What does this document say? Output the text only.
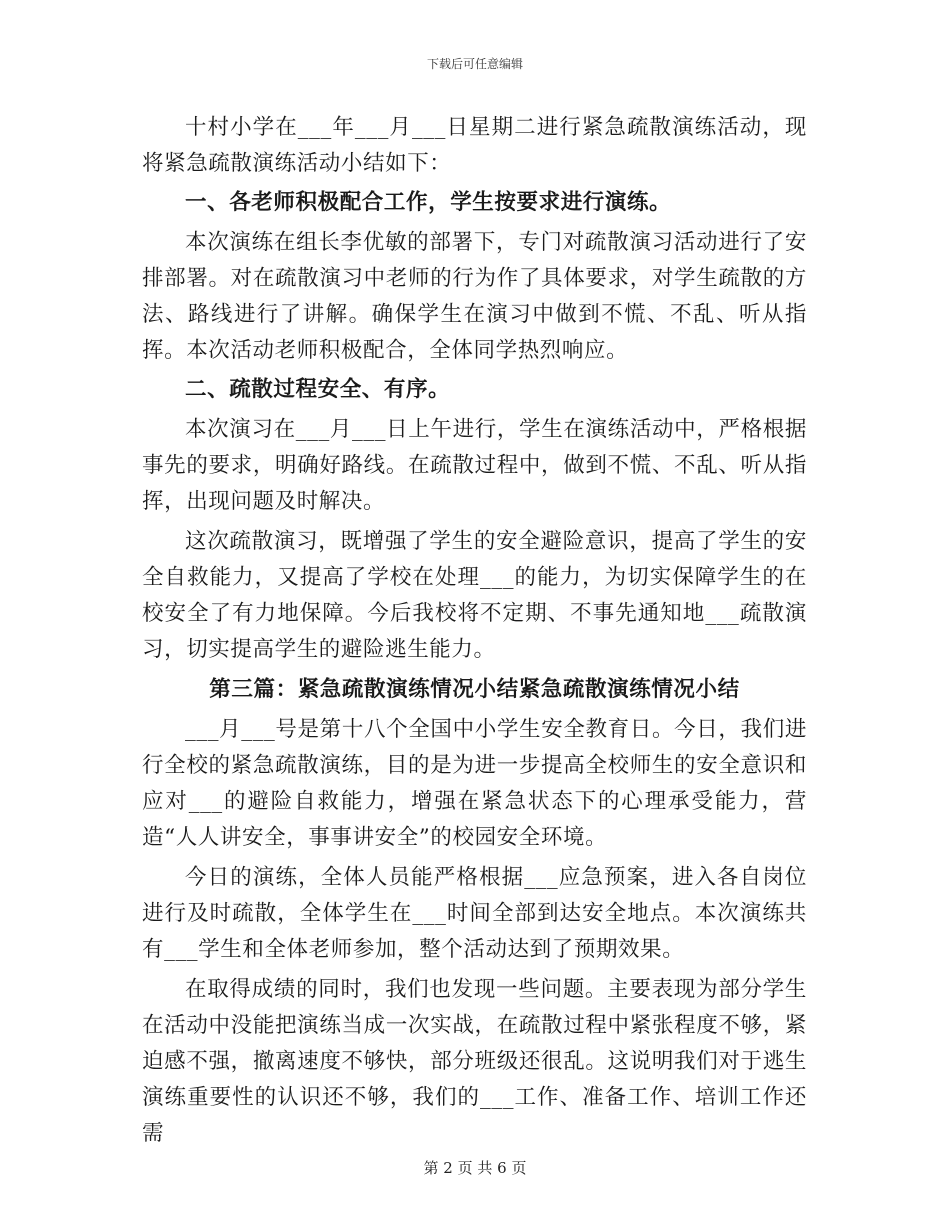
下载后可任意编辑

十村小学在___年___月___日星期二进行紧急疏散演练活动，现将紧急疏散演练活动小结如下：

一、各老师积极配合工作，学生按要求进行演练。

本次演练在组长李优敏的部署下，专门对疏散演习活动进行了安排部署。对在疏散演习中老师的行为作了具体要求，对学生疏散的方法、路线进行了讲解。确保学生在演习中做到不慌、不乱、听从指挥。本次活动老师积极配合，全体同学热烈响应。

二、疏散过程安全、有序。

本次演习在___月___日上午进行，学生在演练活动中，严格根据事先的要求，明确好路线。在疏散过程中，做到不慌、不乱、听从指挥，出现问题及时解决。

这次疏散演习，既增强了学生的安全避险意识，提高了学生的安全自救能力，又提高了学校在处理___的能力，为切实保障学生的在校安全了有力地保障。今后我校将不定期、不事先通知地___疏散演习，切实提高学生的避险逃生能力。

第三篇：紧急疏散演练情况小结紧急疏散演练情况小结

___月___号是第十八个全国中小学生安全教育日。今日，我们进行全校的紧急疏散演练，目的是为进一步提高全校师生的安全意识和应对___的避险自救能力，增强在紧急状态下的心理承受能力，营造“人人讲安全，事事讲安全”的校园安全环境。

今日的演练，全体人员能严格根据___应急预案，进入各自岗位进行及时疏散，全体学生在___时间全部到达安全地点。本次演练共有___学生和全体老师参加，整个活动达到了预期效果。

在取得成绩的同时，我们也发现一些问题。主要表现为部分学生在活动中没能把演练当成一次实战，在疏散过程中紧张程度不够，紧迫感不强，撤离速度不够快，部分班级还很乱。这说明我们对于逃生演练重要性的认识还不够，我们的___工作、准备工作、培训工作还需

第 2 页 共 6 页
